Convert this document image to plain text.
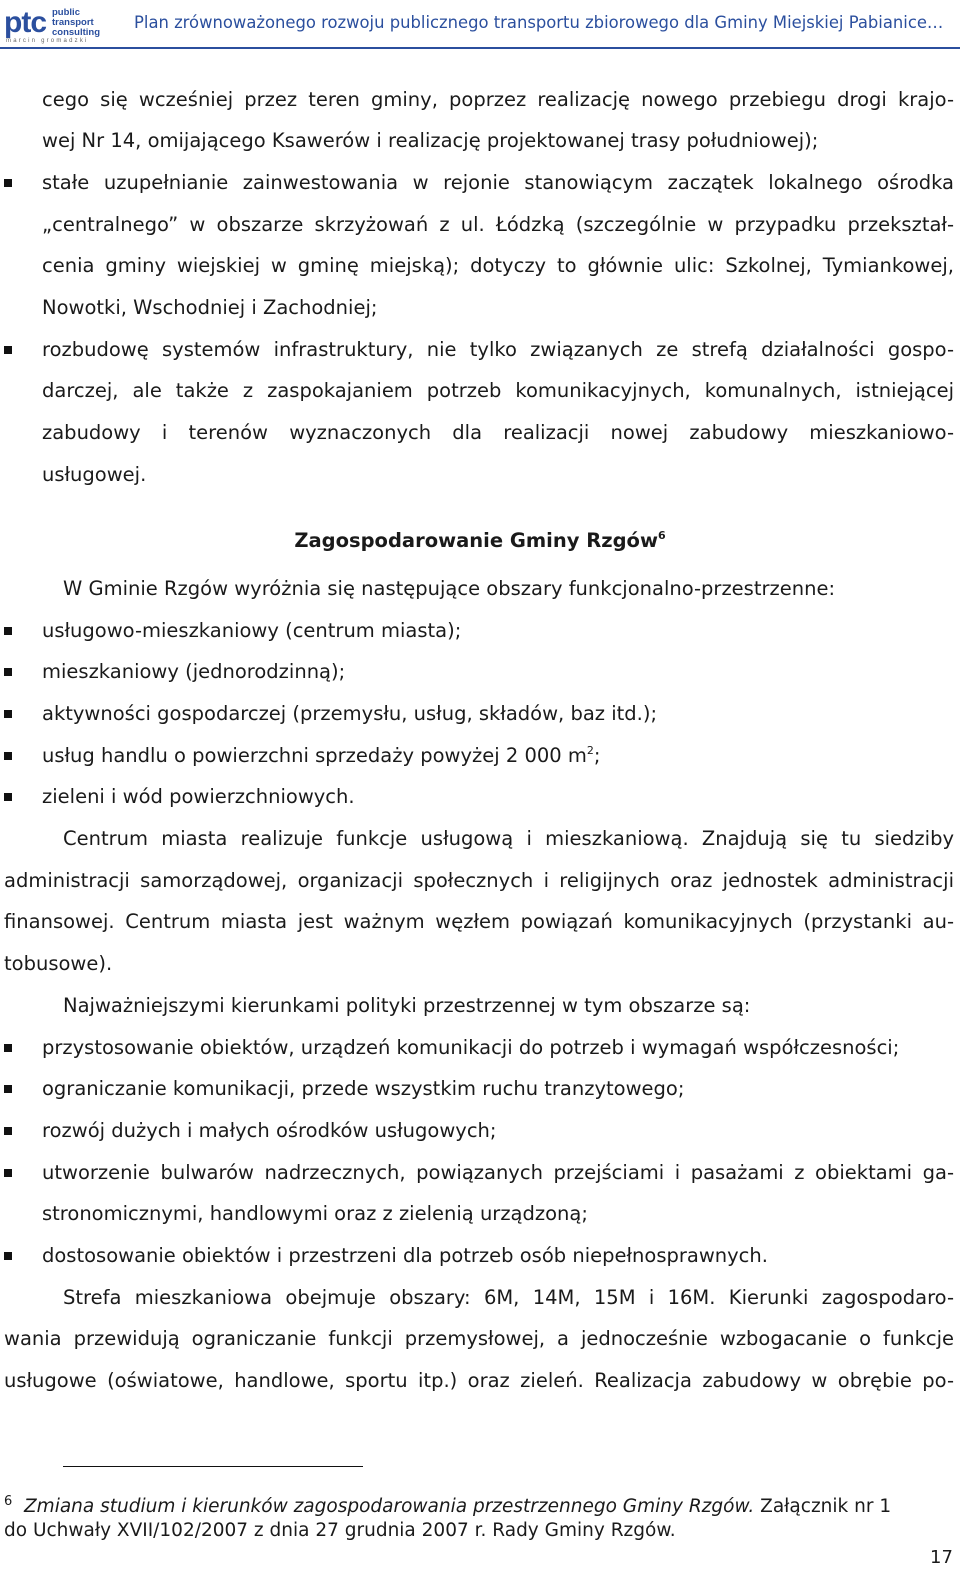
ptc public
transport
consulting
marcin gromadzki
Plan zrównoważonego rozwoju publicznego transportu zbiorowego dla Gminy Miejskiej Pabianice…
cego się wcześniej przez teren gminy, poprzez realizację nowego przebiegu drogi krajo-
wej Nr 14, omijającego Ksawerów i realizację projektowanej trasy południowej);
stałe uzupełnianie zainwestowania w rejonie stanowiącym zaczątek lokalnego ośrodka
„centralnego” w obszarze skrzyżowań z ul. Łódzką (szczególnie w przypadku przekształ-
cenia gminy wiejskiej w gminę miejską); dotyczy to głównie ulic: Szkolnej, Tymiankowej,
Nowotki, Wschodniej i Zachodniej;
rozbudowę systemów infrastruktury, nie tylko związanych ze strefą działalności gospo-
darczej, ale także z zaspokajaniem potrzeb komunikacyjnych, komunalnych, istniejącej
zabudowy i terenów wyznaczonych dla realizacji nowej zabudowy mieszkaniowo-
usługowej.
Zagospodarowanie Gminy Rzgów$^6$
W Gminie Rzgów wyróżnia się następujące obszary funkcjonalno-przestrzenne:
usługowo-mieszkaniowy (centrum miasta);
mieszkaniowy (jednorodzinną);
aktywności gospodarczej (przemysłu, usług, składów, baz itd.);
usług handlu o powierzchni sprzedaży powyżej 2 000 $m^2$;
zieleni i wód powierzchniowych.
Centrum miasta realizuje funkcje usługową i mieszkaniową. Znajdują się tu siedziby
administracji samorządowej, organizacji społecznych i religijnych oraz jednostek administracji
finansowej. Centrum miasta jest ważnym węzłem powiązań komunikacyjnych (przystanki au-
tobusowe).
Najważniejszymi kierunkami polityki przestrzennej w tym obszarze są:
przystosowanie obiektów, urządzeń komunikacji do potrzeb i wymagań współczesności;
ograniczanie komunikacji, przede wszystkim ruchu tranzytowego;
rozwój dużych i małych ośrodków usługowych;
utworzenie bulwarów nadrzecznych, powiązanych przejściami i pasażami z obiektami ga-
stronomicznymi, handlowymi oraz z zielenią urządzoną;
dostosowanie obiektów i przestrzeni dla potrzeb osób niepełnosprawnych.
Strefa mieszkaniowa obejmuje obszary: 6M, 14M, 15M i 16M. Kierunki zagospodaro-
wania przewidują ograniczanie funkcji przemysłowej, a jednocześnie wzbogacanie o funkcje
usługowe (oświatowe, handlowe, sportu itp.) oraz zieleń. Realizacja zabudowy w obrębie po-
6 Zmiana studium i kierunków zagospodarowania przestrzennego Gminy Rzgów. Załącznik nr 1
do Uchwały XVII/102/2007 z dnia 27 grudnia 2007 r. Rady Gminy Rzgów.
17
